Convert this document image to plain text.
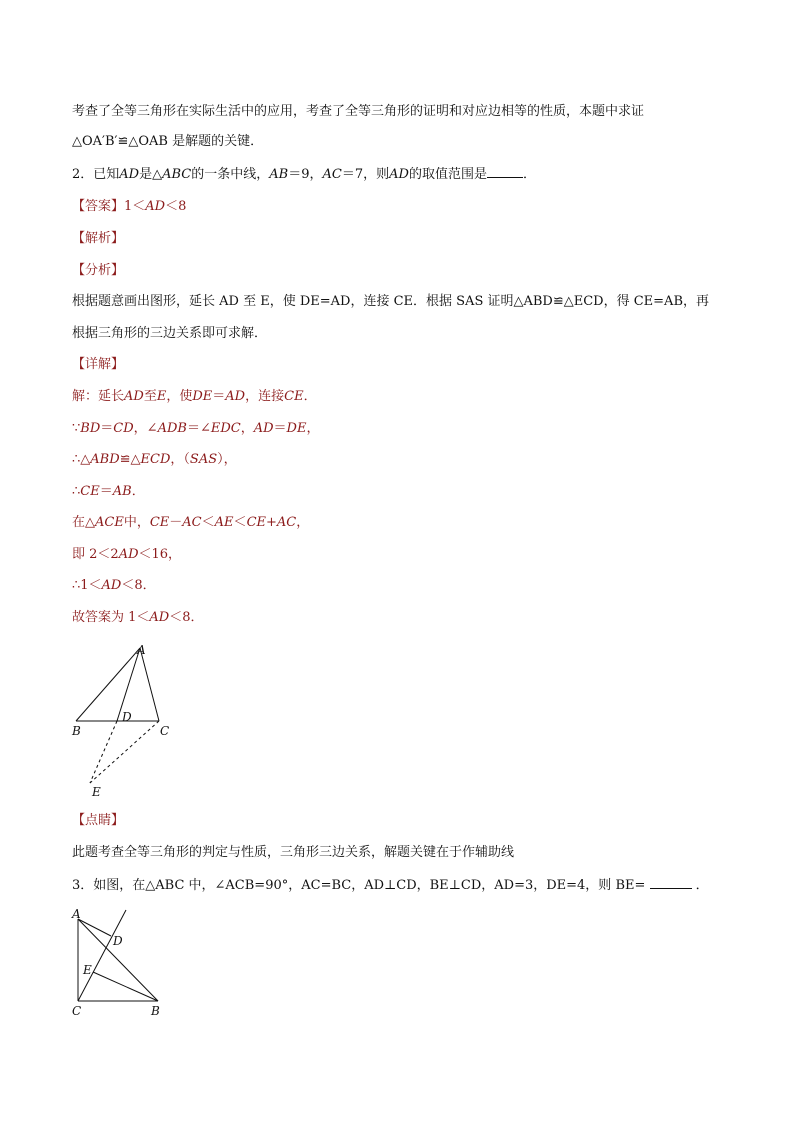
考查了全等三角形在实际生活中的应用，考查了全等三角形的证明和对应边相等的性质，本题中求证
△OA′B′≌△OAB 是解题的关键．
2．已知AD是△ABC的一条中线，AB＝9，AC＝7，则AD的取值范围是	．
【答案】1＜AD＜8
【解析】
【分析】
根据题意画出图形，延长 AD 至 E，使 DE=AD，连接 CE．根据 SAS 证明△ABD≌△ECD，得 CE=AB，再
根据三角形的三边关系即可求解．
【详解】
解：延长AD至E，使DE＝AD，连接CE．
∵BD＝CD，∠ADB＝∠EDC，AD＝DE，
∴△ABD≌△ECD，（SAS），
∴CE＝AB．
在△ACE中，CE－AC＜AE＜CE+AC，
即 2＜2AD＜16，
∴1＜AD＜8．
故答案为 1＜AD＜8．
A
B	C
D
E
【点睛】
此题考查全等三角形的判定与性质，三角形三边关系，解题关键在于作辅助线
3．如图，在△ABC 中，∠ACB=90°，AC=BC，AD⊥CD，BE⊥CD，AD=3，DE=4，则 BE=	．
A
D
E
C	B
